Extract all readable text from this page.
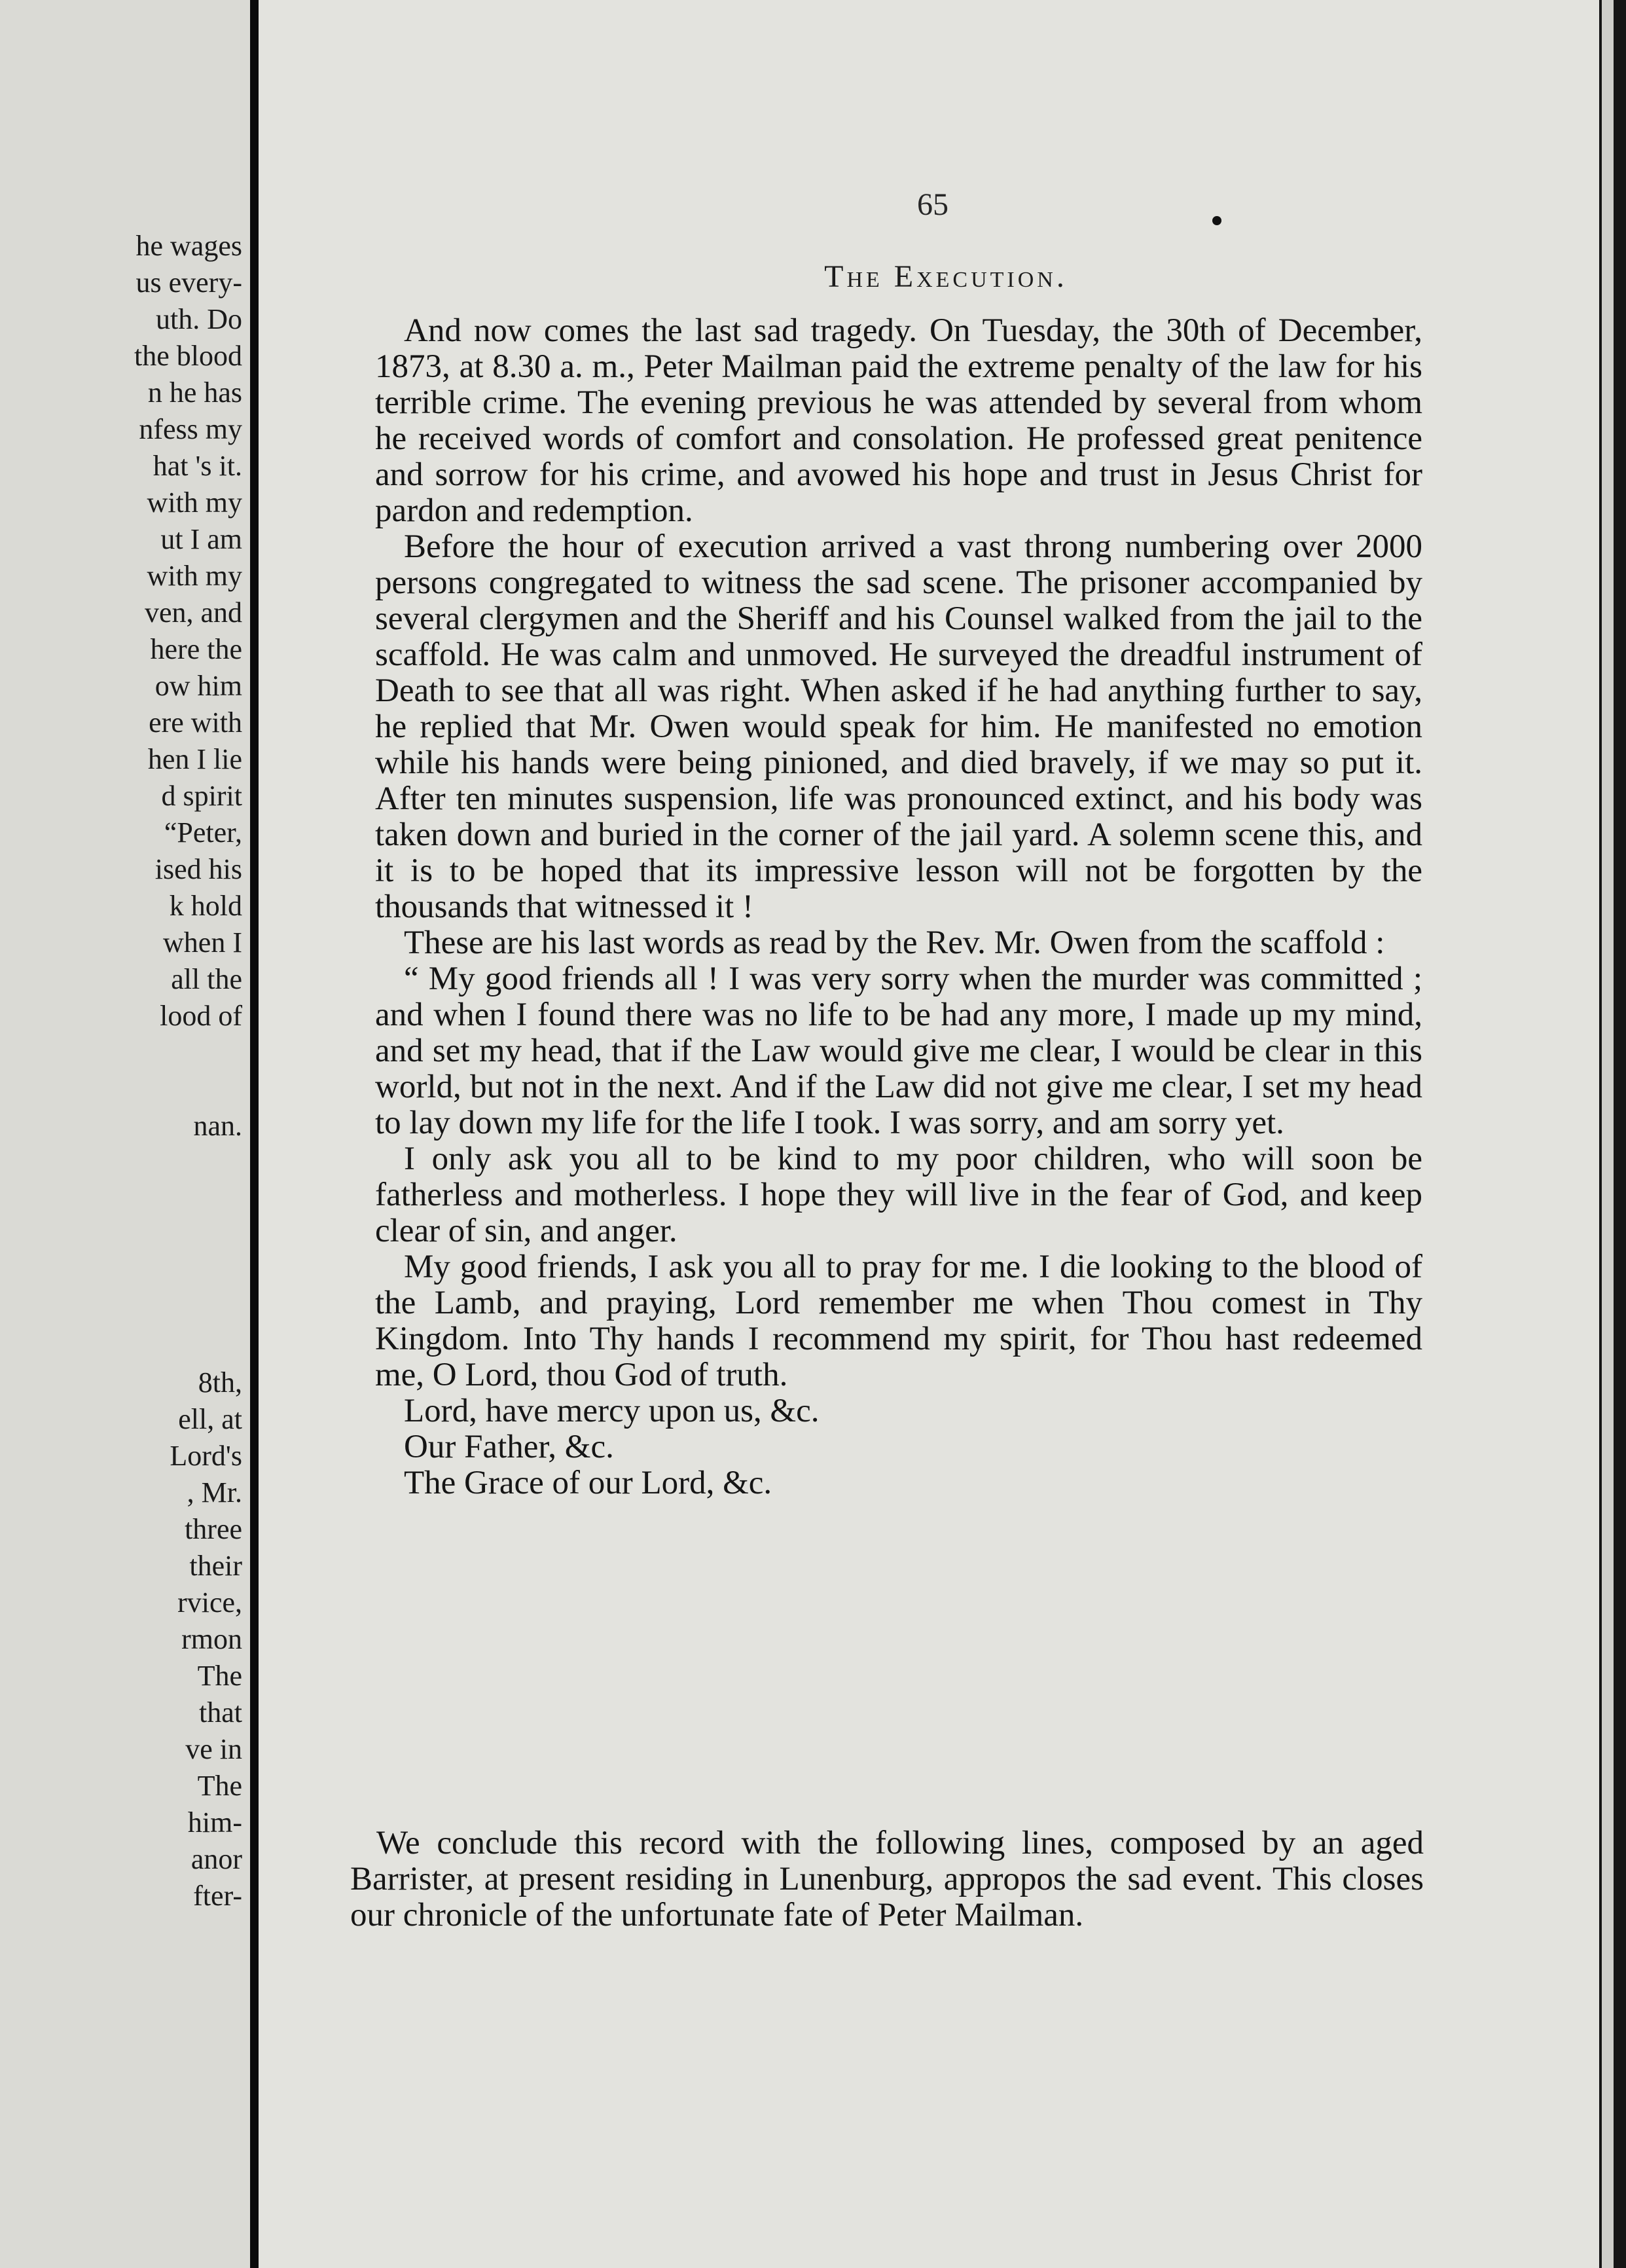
he wages
us every-
uth. Do
the blood
n he has
nfess my
hat 's it.
with my
ut I am
with my
ven, and
here the
ow him
ere with
hen I lie
d spirit
“Peter,
ised his
k hold
when I
all the
lood of
nan.
8th,
ell, at
Lord's
, Mr.
three
their
rvice,
rmon
The
that
ve in
The
him-
anor
fter-
65
The Execution.

And now comes the last sad tragedy. On Tuesday, the 30th of December, 1873, at 8.30 a. m., Peter Mailman paid the extreme penalty of the law for his terrible crime. The evening previous he was attended by several from whom he received words of comfort and consolation. He professed great penitence and sorrow for his crime, and avowed his hope and trust in Jesus Christ for pardon and redemption.

Before the hour of execution arrived a vast throng numbering over 2000 persons congregated to witness the sad scene. The prisoner accompanied by several clergymen and the Sheriff and his Counsel walked from the jail to the scaffold. He was calm and unmoved. He surveyed the dreadful instrument of Death to see that all was right. When asked if he had anything further to say, he replied that Mr. Owen would speak for him. He manifested no emotion while his hands were being pinioned, and died bravely, if we may so put it. After ten minutes suspension, life was pronounced extinct, and his body was taken down and buried in the corner of the jail yard. A solemn scene this, and it is to be hoped that its impressive lesson will not be forgotten by the thousands that witnessed it !

These are his last words as read by the Rev. Mr. Owen from the scaffold :

“ My good friends all ! I was very sorry when the murder was committed ; and when I found there was no life to be had any more, I made up my mind, and set my head, that if the Law would give me clear, I would be clear in this world, but not in the next. And if the Law did not give me clear, I set my head to lay down my life for the life I took. I was sorry, and am sorry yet.

I only ask you all to be kind to my poor children, who will soon be fatherless and motherless. I hope they will live in the fear of God, and keep clear of sin, and anger.

My good friends, I ask you all to pray for me. I die looking to the blood of the Lamb, and praying, Lord remember me when Thou comest in Thy Kingdom. Into Thy hands I recommend my spirit, for Thou hast redeemed me, O Lord, thou God of truth.

Lord, have mercy upon us, &c.

Our Father, &c.

The Grace of our Lord, &c.

We conclude this record with the following lines, composed by an aged Barrister, at present residing in Lunenburg, appropos the sad event. This closes our chronicle of the unfortunate fate of Peter Mailman.
